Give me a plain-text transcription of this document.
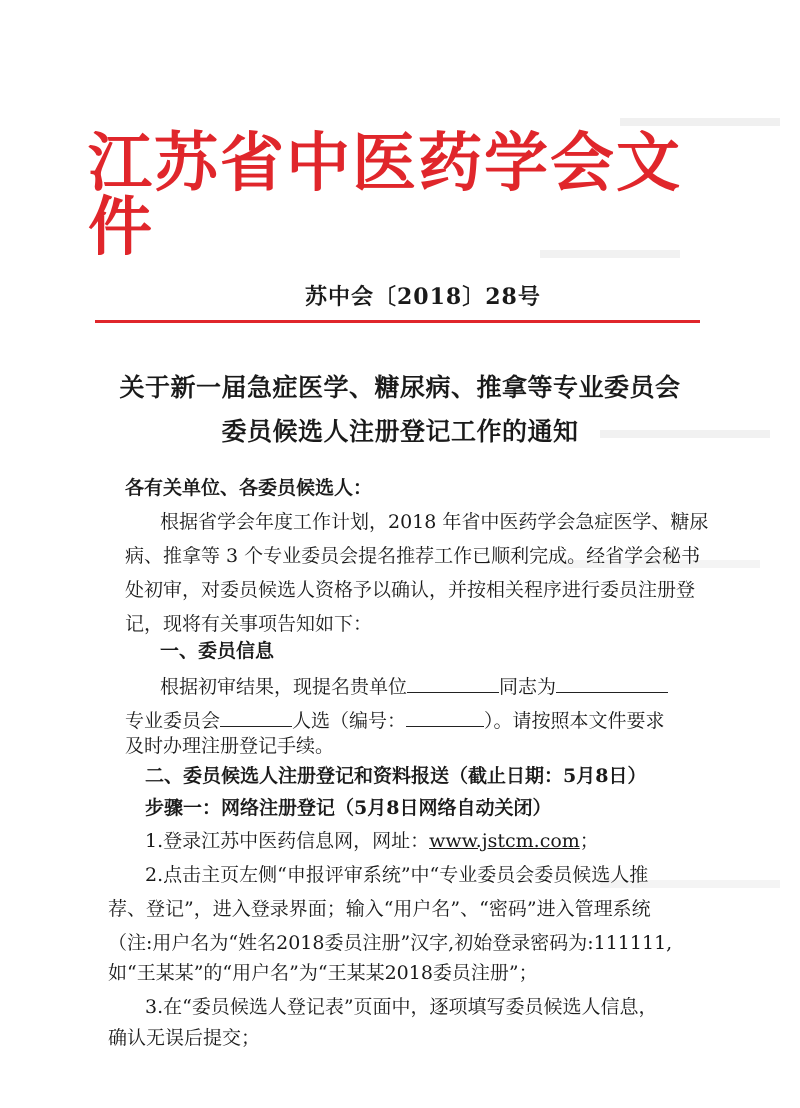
江苏省中医药学会文件
苏中会〔2018〕28号
关于新一届急症医学、糖尿病、推拿等专业委员会
委员候选人注册登记工作的通知
各有关单位、各委员候选人：
根据省学会年度工作计划，2018 年省中医药学会急症医学、糖尿
病、推拿等 3 个专业委员会提名推荐工作已顺利完成。经省学会秘书
处初审，对委员候选人资格予以确认，并按相关程序进行委员注册登
记，现将有关事项告知如下：
一、委员信息
根据初审结果，现提名贵单位	同志为
专业委员会	人选（编号：	）。请按照本文件要求
及时办理注册登记手续。
二、委员候选人注册登记和资料报送（截止日期：5月8日）
步骤一：网络注册登记（5月8日网络自动关闭）
1.登录江苏中医药信息网，网址：www.jstcm.com；
2.点击主页左侧“申报评审系统”中“专业委员会委员候选人推
荐、登记”，进入登录界面；输入“用户名”、“密码”进入管理系统
（注:用户名为“姓名2018委员注册”汉字,初始登录密码为:111111,
如“王某某”的“用户名”为“王某某2018委员注册”；
3.在“委员候选人登记表”页面中，逐项填写委员候选人信息，
确认无误后提交；
